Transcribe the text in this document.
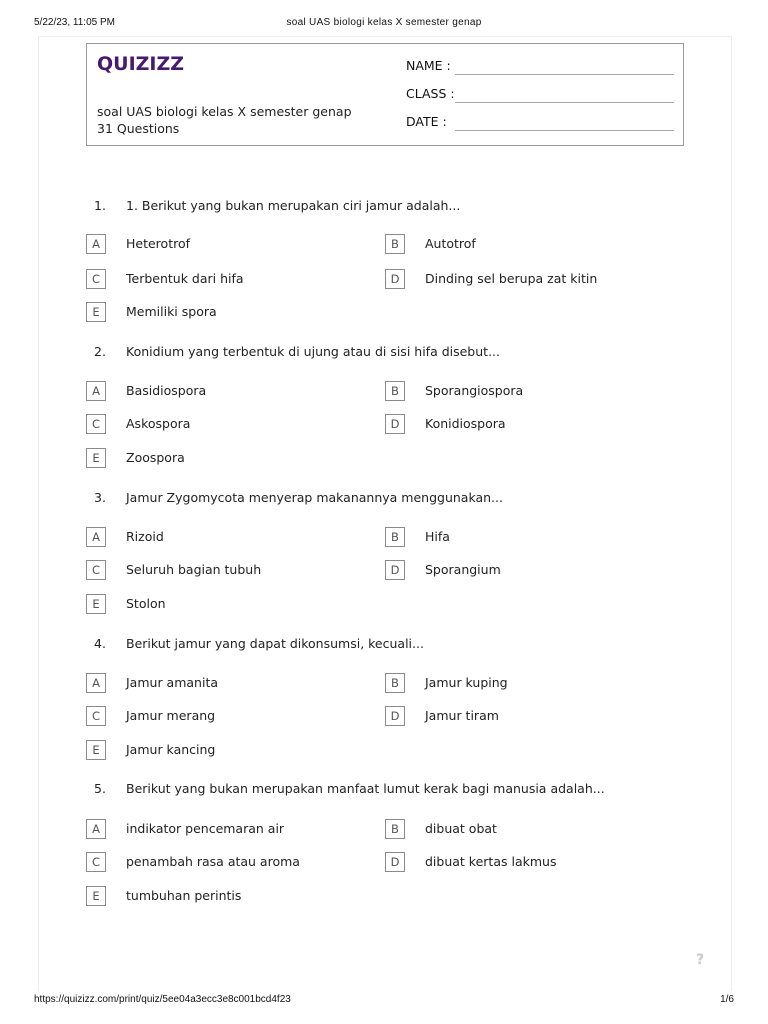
5/22/23, 11:05 PM	soal UAS biologi kelas X semester genap
QUIZIZZ
soal UAS biologi kelas X semester genap
31 Questions
NAME :
CLASS :
DATE :
1. 1. Berikut yang bukan merupakan ciri jamur adalah...
A	Heterotrof	B	Autotrof
C	Terbentuk dari hifa	D	Dinding sel berupa zat kitin
E	Memiliki spora
2. Konidium yang terbentuk di ujung atau di sisi hifa disebut...
A	Basidiospora	B	Sporangiospora
C	Askospora	D	Konidiospora
E	Zoospora
3. Jamur Zygomycota menyerap makanannya menggunakan...
A	Rizoid	B	Hifa
C	Seluruh bagian tubuh	D	Sporangium
E	Stolon
4. Berikut jamur yang dapat dikonsumsi, kecuali...
A	Jamur amanita	B	Jamur kuping
C	Jamur merang	D	Jamur tiram
E	Jamur kancing
5. Berikut yang bukan merupakan manfaat lumut kerak bagi manusia adalah...
A	indikator pencemaran air	B	dibuat obat
C	penambah rasa atau aroma	D	dibuat kertas lakmus
E	tumbuhan perintis
?
https://quizizz.com/print/quiz/5ee04a3ecc3e8c001bcd4f23	1/6
